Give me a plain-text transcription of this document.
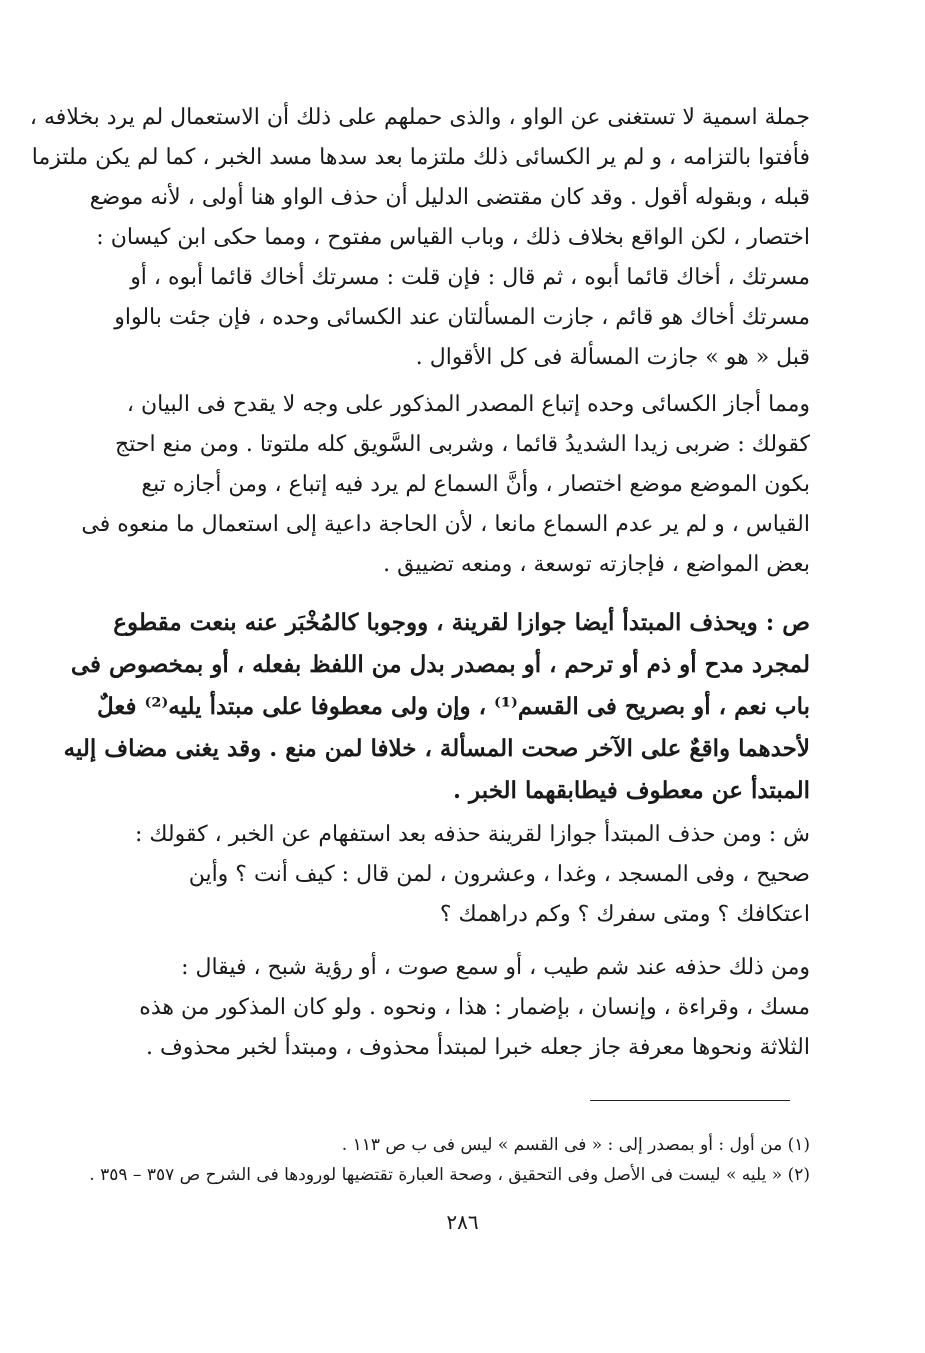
جملة اسمية لا تستغنى عن الواو ، والذى حملهم على ذلك أن الاستعمال لم يرد بخلافه ،
فأفتوا بالتزامه ، و لم ير الكسائى ذلك ملتزما بعد سدها مسد الخبر ، كما لم يكن ملتزما
قبله ، وبقوله أقول . وقد كان مقتضى الدليل أن حذف الواو هنا أولى ، لأنه موضع
اختصار ، لكن الواقع بخلاف ذلك ، وباب القياس مفتوح ، ومما حكى ابن كيسان :
مسرتك ، أخاك قائما أبوه ، ثم قال : فإن قلت : مسرتك أخاك قائما أبوه ، أو
مسرتك أخاك هو قائم ، جازت المسألتان عند الكسائى وحده ، فإن جئت بالواو
قبل « هو » جازت المسألة فى كل الأقوال .
ومما أجاز الكسائى وحده إتباع المصدر المذكور على وجه لا يقدح فى البيان ،
كقولك : ضربى زيدا الشديدُ قائما ، وشربى السَّويق كله ملتوتا . ومن منع احتج
بكون الموضع موضع اختصار ، وأنَّ السماع لم يرد فيه إتباع ، ومن أجازه تبع
القياس ، و لم ير عدم السماع مانعا ، لأن الحاجة داعية إلى استعمال ما منعوه فى
بعض المواضع ، فإجازته توسعة ، ومنعه تضييق .
ص : ويحذف المبتدأ أيضا جوازا لقرينة ، ووجوبا كالمُخْبَر عنه بنعت مقطوع
لمجرد مدح أو ذم أو ترحم ، أو بمصدر بدل من اللفظ بفعله ، أو بمخصوص فى
باب نعم ، أو بصريح فى القسم⁽¹⁾ ، وإن ولى معطوفا على مبتدأ يليه⁽²⁾ فعلٌ
لأحدهما واقعٌ على الآخر صحت المسألة ، خلافا لمن منع . وقد يغنى مضاف إليه
المبتدأ عن معطوف فيطابقهما الخبر .
ش : ومن حذف المبتدأ جوازا لقرينة حذفه بعد استفهام عن الخبر ، كقولك :
صحيح ، وفى المسجد ، وغدا ، وعشرون ، لمن قال : كيف أنت ؟ وأين
اعتكافك ؟ ومتى سفرك ؟ وكم دراهمك ؟
ومن ذلك حذفه عند شم طيب ، أو سمع صوت ، أو رؤية شبح ، فيقال :
مسك ، وقراءة ، وإنسان ، بإضمار : هذا ، ونحوه . ولو كان المذكور من هذه
الثلاثة ونحوها معرفة جاز جعله خبرا لمبتدأ محذوف ، ومبتدأ لخبر محذوف .
(١) من أول : أو بمصدر إلى : « فى القسم » ليس فى ب ص ١١٣ .
(٢) « يليه » ليست فى الأصل وفى التحقيق ، وصحة العبارة تقتضيها لورودها فى الشرح ص ٣٥٧ – ٣٥٩ .
٢٨٦
